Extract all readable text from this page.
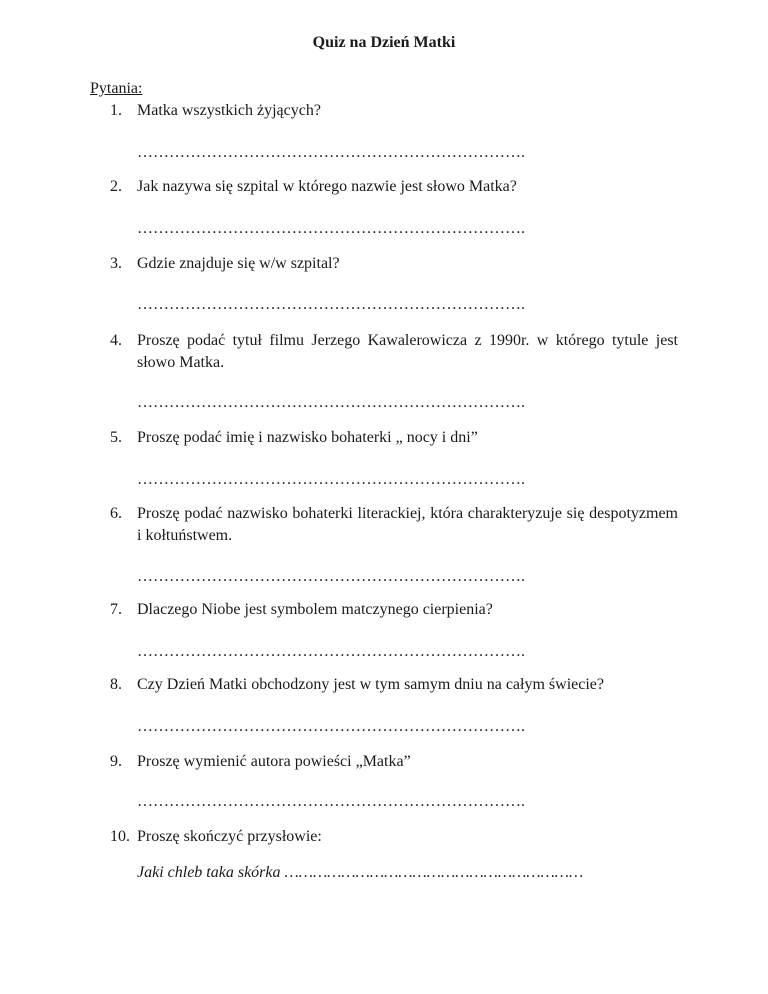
Quiz na Dzień Matki
Pytania:
1. Matka wszystkich żyjących?
……………………………………………………………….
2. Jak nazywa się szpital w którego nazwie jest słowo Matka?
……………………………………………………………….
3. Gdzie znajduje się w/w szpital?
……………………………………………………………….
4. Proszę podać tytuł filmu Jerzego Kawalerowicza z 1990r. w którego tytule jest słowo Matka.
……………………………………………………………….
5. Proszę podać imię i nazwisko bohaterki „ nocy i dni”
……………………………………………………………….
6. Proszę podać nazwisko bohaterki literackiej, która charakteryzuje się despotyzmem i kołtuństwem.
……………………………………………………………….
7. Dlaczego Niobe jest symbolem matczynego cierpienia?
……………………………………………………………….
8. Czy Dzień Matki obchodzony jest w tym samym dniu na całym świecie?
……………………………………………………………….
9. Proszę wymienić autora powieści „Matka”
……………………………………………………………….
10. Proszę skończyć przysłowie:
Jaki chleb taka skórka ………………………………………………………
